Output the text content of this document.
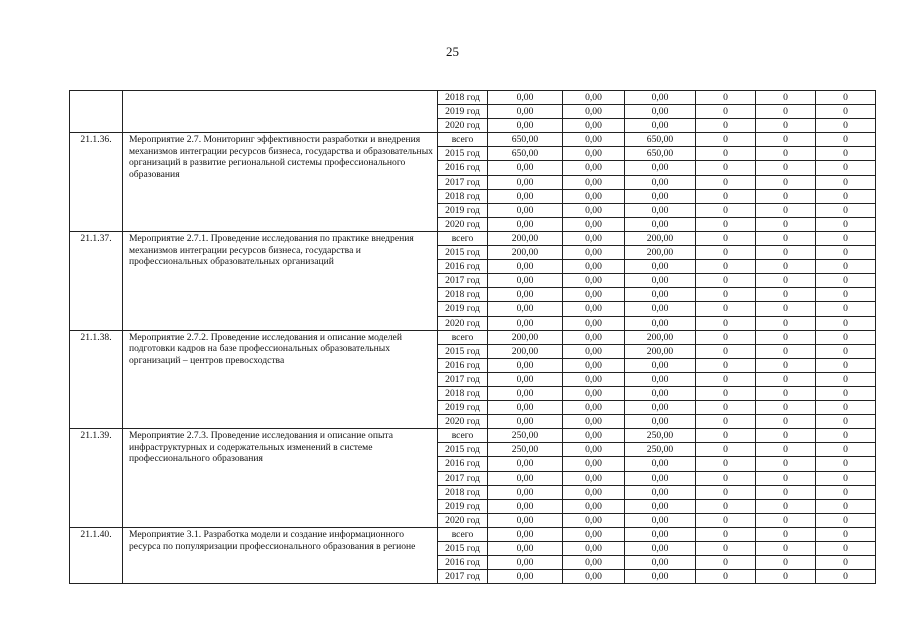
25
		2018 год	0,00	0,00	0,00	0	0	0
		2019 год	0,00	0,00	0,00	0	0	0
		2020 год	0,00	0,00	0,00	0	0	0
21.1.36.	Мероприятие 2.7. Мониторинг эффективности разработки и внедрения механизмов интеграции ресурсов бизнеса, государства и образовательных организаций в развитие региональной системы профессионального образования	всего	650,00	0,00	650,00	0	0	0
		2015 год	650,00	0,00	650,00	0	0	0
		2016 год	0,00	0,00	0,00	0	0	0
		2017 год	0,00	0,00	0,00	0	0	0
		2018 год	0,00	0,00	0,00	0	0	0
		2019 год	0,00	0,00	0,00	0	0	0
		2020 год	0,00	0,00	0,00	0	0	0
21.1.37.	Мероприятие 2.7.1. Проведение исследования по практике внедрения механизмов интеграции ресурсов бизнеса, государства и профессиональных образовательных организаций	всего	200,00	0,00	200,00	0	0	0
		2015 год	200,00	0,00	200,00	0	0	0
		2016 год	0,00	0,00	0,00	0	0	0
		2017 год	0,00	0,00	0,00	0	0	0
		2018 год	0,00	0,00	0,00	0	0	0
		2019 год	0,00	0,00	0,00	0	0	0
		2020 год	0,00	0,00	0,00	0	0	0
21.1.38.	Мероприятие 2.7.2. Проведение исследования и описание моделей подготовки кадров на базе профессиональных образовательных организаций – центров превосходства	всего	200,00	0,00	200,00	0	0	0
		2015 год	200,00	0,00	200,00	0	0	0
		2016 год	0,00	0,00	0,00	0	0	0
		2017 год	0,00	0,00	0,00	0	0	0
		2018 год	0,00	0,00	0,00	0	0	0
		2019 год	0,00	0,00	0,00	0	0	0
		2020 год	0,00	0,00	0,00	0	0	0
21.1.39.	Мероприятие 2.7.3. Проведение исследования и описание опыта инфраструктурных и содержательных изменений в системе профессионального образования	всего	250,00	0,00	250,00	0	0	0
		2015 год	250,00	0,00	250,00	0	0	0
		2016 год	0,00	0,00	0,00	0	0	0
		2017 год	0,00	0,00	0,00	0	0	0
		2018 год	0,00	0,00	0,00	0	0	0
		2019 год	0,00	0,00	0,00	0	0	0
		2020 год	0,00	0,00	0,00	0	0	0
21.1.40.	Мероприятие 3.1. Разработка модели и создание информационного ресурса по популяризации профессионального образования в регионе	всего	0,00	0,00	0,00	0	0	0
		2015 год	0,00	0,00	0,00	0	0	0
		2016 год	0,00	0,00	0,00	0	0	0
		2017 год	0,00	0,00	0,00	0	0	0
